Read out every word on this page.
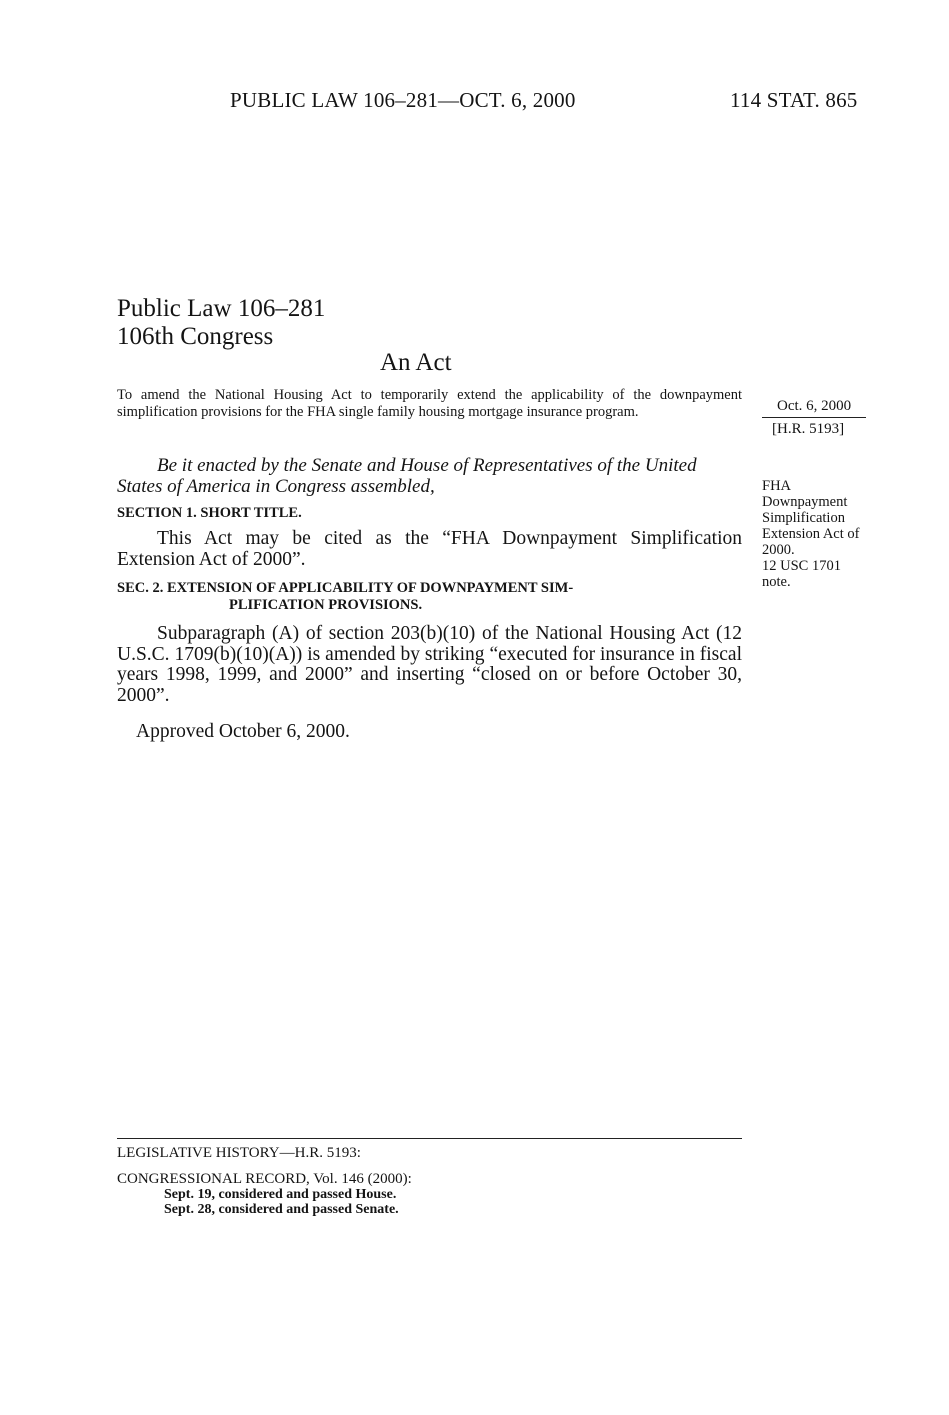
PUBLIC LAW 106–281—OCT. 6, 2000	114 STAT. 865
Public Law 106–281
106th Congress
An Act
To amend the National Housing Act to temporarily extend the applicability of the downpayment simplification provisions for the FHA single family housing mortgage insurance program.	Oct. 6, 2000
[H.R. 5193]
Be it enacted by the Senate and House of Representatives of the United States of America in Congress assembled,	FHA
Downpayment
Simplification
Extension Act of
2000.
12 USC 1701
note.
SECTION 1. SHORT TITLE.
This Act may be cited as the “FHA Downpayment Simplification Extension Act of 2000”.
SEC. 2. EXTENSION OF APPLICABILITY OF DOWNPAYMENT SIM-
PLIFICATION PROVISIONS.
Subparagraph (A) of section 203(b)(10) of the National Housing Act (12 U.S.C. 1709(b)(10)(A)) is amended by striking “executed for insurance in fiscal years 1998, 1999, and 2000” and inserting “closed on or before October 30, 2000”.
Approved October 6, 2000.
LEGISLATIVE HISTORY—H.R. 5193:
CONGRESSIONAL RECORD, Vol. 146 (2000):
Sept. 19, considered and passed House.
Sept. 28, considered and passed Senate.
